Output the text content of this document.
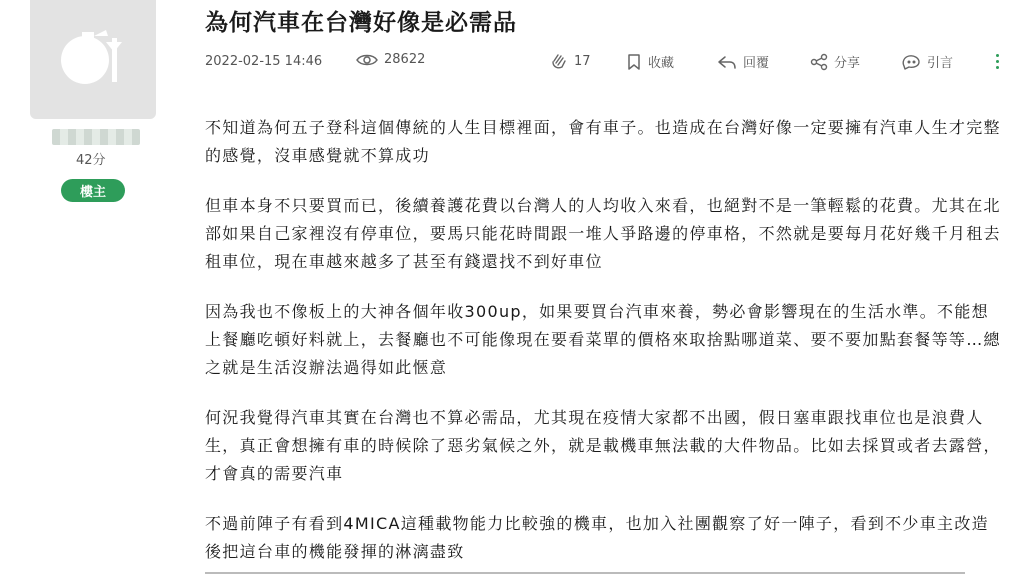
42分
樓主
為何汽車在台灣好像是必需品
2022-02-15 14:46	28622	17	收藏	回覆	分享	引言

不知道為何五子登科這個傳統的人生目標裡面，會有車子。也造成在台灣好像一定要擁有汽車人生才完整的感覺，沒車感覺就不算成功

但車本身不只要買而已，後續養護花費以台灣人的人均收入來看，也絕對不是一筆輕鬆的花費。尤其在北部如果自己家裡沒有停車位，要馬只能花時間跟一堆人爭路邊的停車格，不然就是要每月花好幾千月租去租車位，現在車越來越多了甚至有錢還找不到好車位

因為我也不像板上的大神各個年收300up，如果要買台汽車來養，勢必會影響現在的生活水準。不能想上餐廳吃頓好料就上，去餐廳也不可能像現在要看菜單的價格來取捨點哪道菜、要不要加點套餐等等…總之就是生活沒辦法過得如此愜意

何況我覺得汽車其實在台灣也不算必需品，尤其現在疫情大家都不出國，假日塞車跟找車位也是浪費人生，真正會想擁有車的時候除了惡劣氣候之外，就是載機車無法載的大件物品。比如去採買或者去露營，才會真的需要汽車

不過前陣子有看到4MICA這種載物能力比較強的機車，也加入社團觀察了好一陣子，看到不少車主改造後把這台車的機能發揮的淋漓盡致
